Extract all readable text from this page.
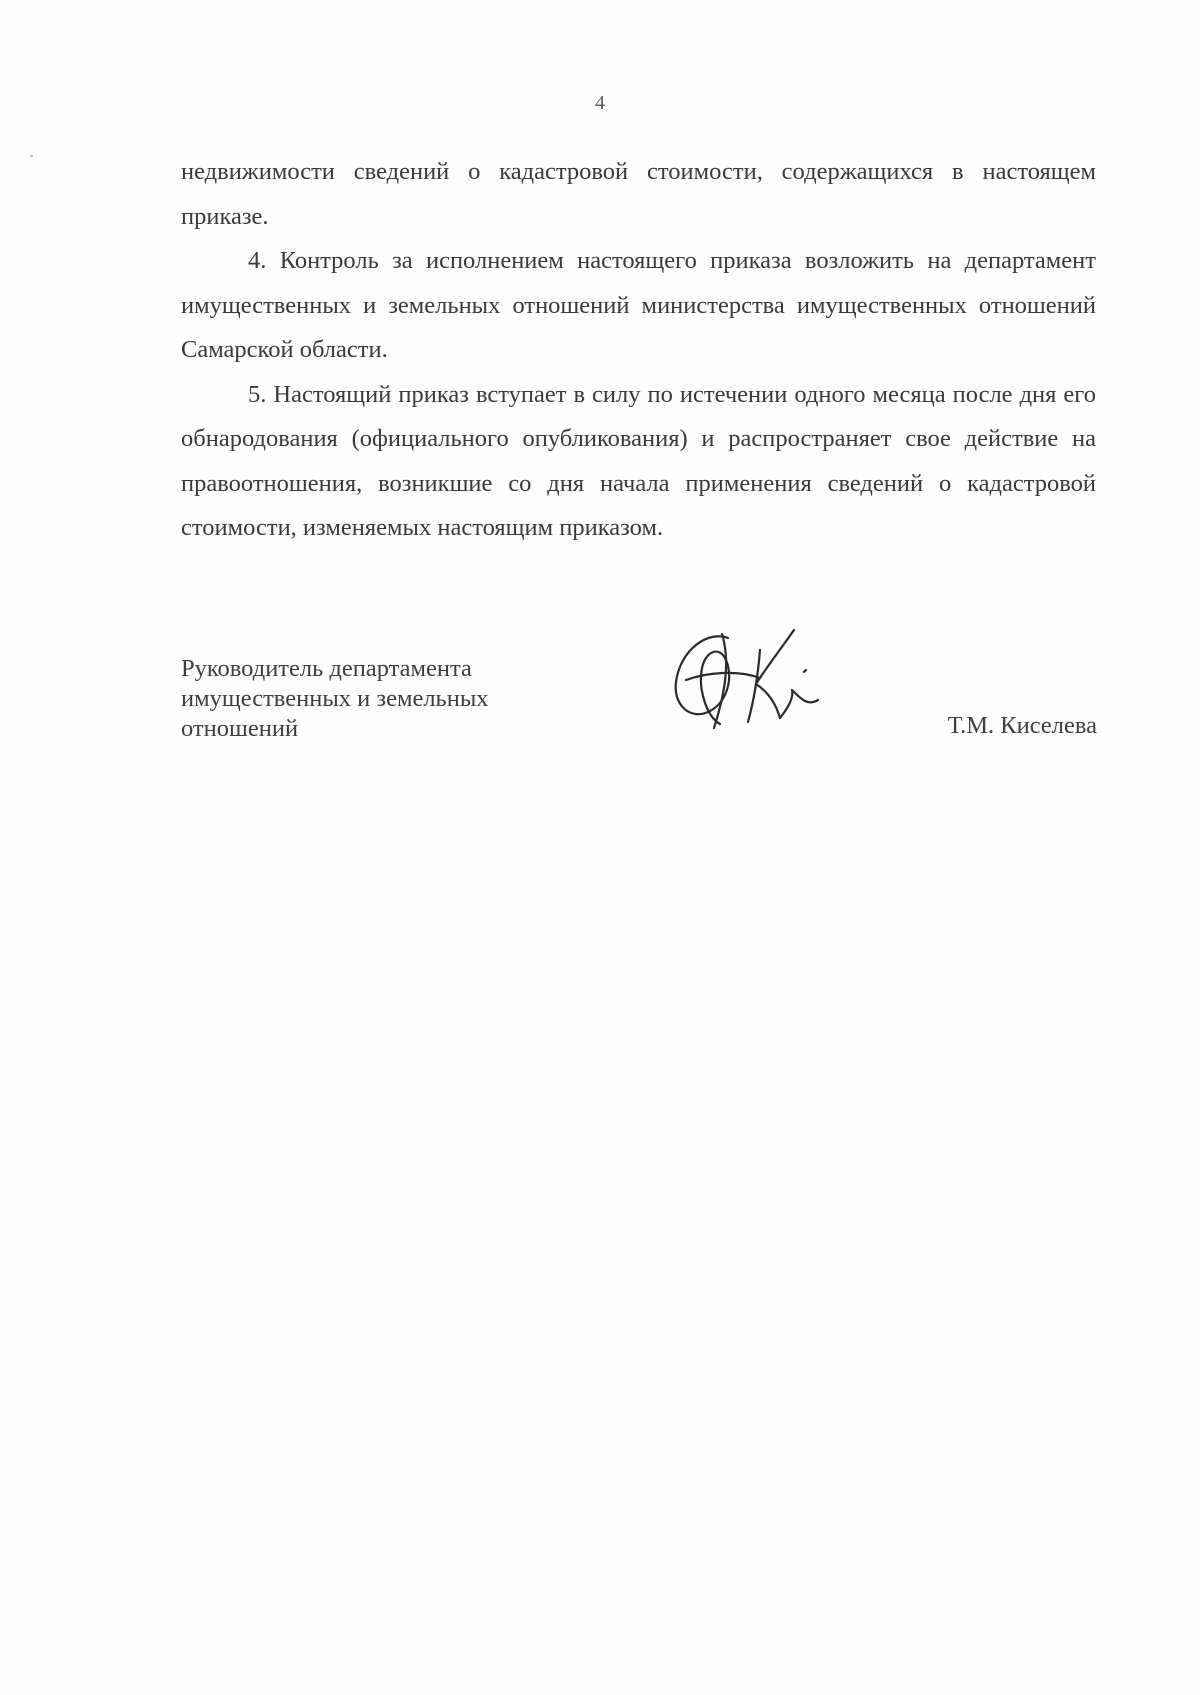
4

недвижимости сведений о кадастровой стоимости, содержащихся в настоящем приказе.

4. Контроль за исполнением настоящего приказа возложить на департамент имущественных и земельных отношений министерства имущественных отношений Самарской области.

5. Настоящий приказ вступает в силу по истечении одного месяца после дня его обнародования (официального опубликования) и распространяет свое действие на правоотношения, возникшие со дня начала применения сведений о кадастровой стоимости, изменяемых настоящим приказом.

Руководитель департамента
имущественных и земельных
отношений	Т.М. Киселева
